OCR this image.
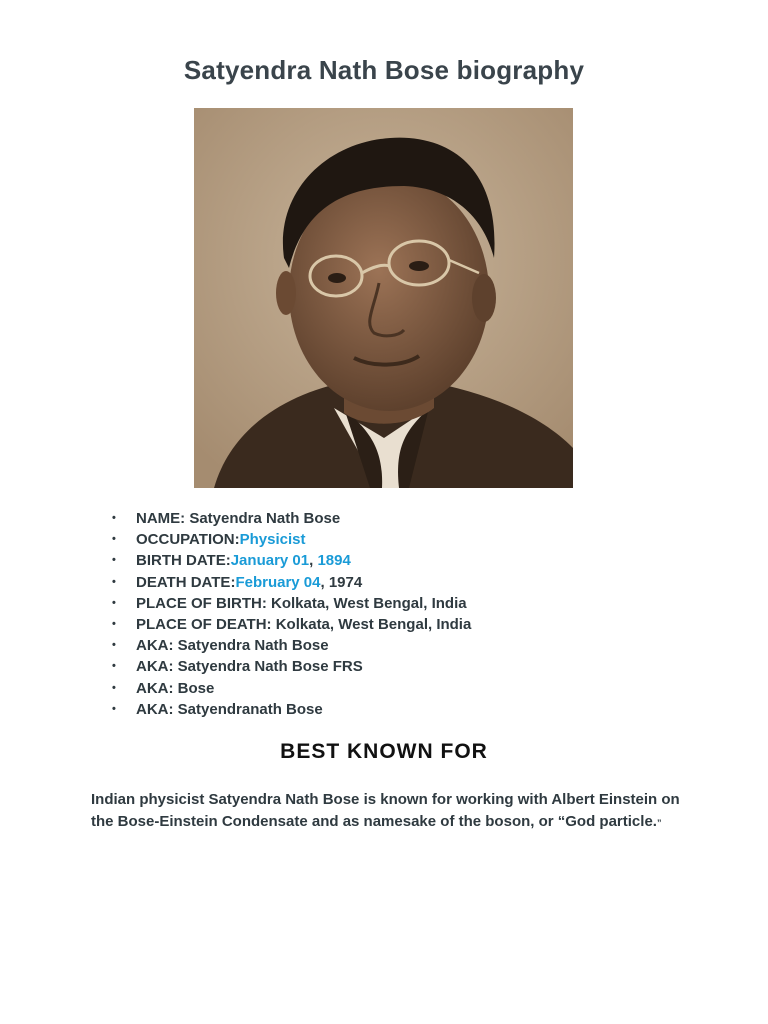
Satyendra Nath Bose biography
• NAME: Satyendra Nath Bose
• OCCUPATION:Physicist
• BIRTH DATE:January 01, 1894
• DEATH DATE:February 04, 1974
• PLACE OF BIRTH: Kolkata, West Bengal, India
• PLACE OF DEATH: Kolkata, West Bengal, India
• AKA: Satyendra Nath Bose
• AKA: Satyendra Nath Bose FRS
• AKA: Bose
• AKA: Satyendranath Bose
BEST KNOWN FOR

Indian physicist Satyendra Nath Bose is known for working with Albert Einstein on the Bose-Einstein Condensate and as namesake of the boson, or “God particle.”
